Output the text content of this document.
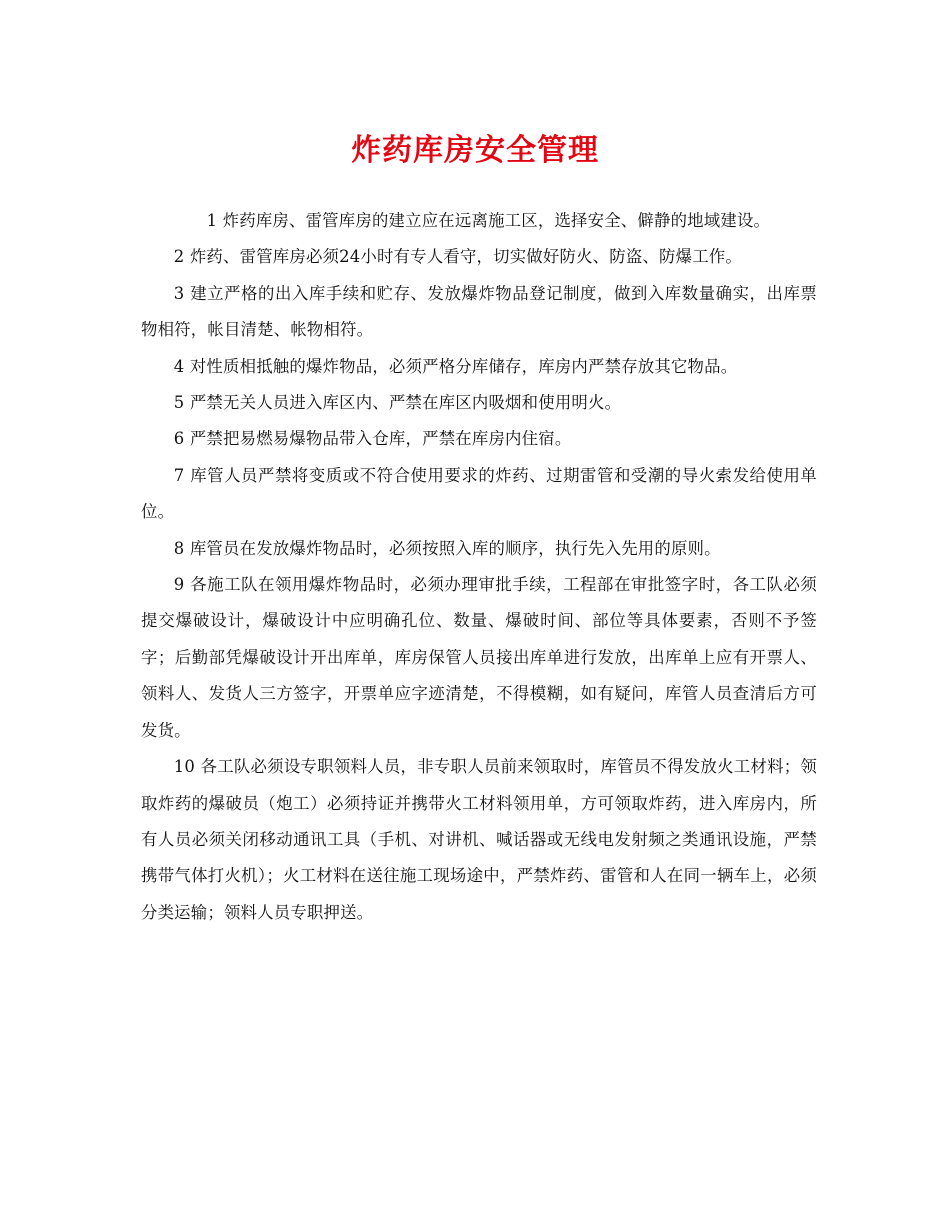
炸药库房安全管理

1 炸药库房、雷管库房的建立应在远离施工区，选择安全、僻静的地域建设。

2 炸药、雷管库房必须24小时有专人看守，切实做好防火、防盗、防爆工作。

3 建立严格的出入库手续和贮存、发放爆炸物品登记制度，做到入库数量确实，出库票物相符，帐目清楚、帐物相符。

4 对性质相抵触的爆炸物品，必须严格分库储存，库房内严禁存放其它物品。

5 严禁无关人员进入库区内、严禁在库区内吸烟和使用明火。

6 严禁把易燃易爆物品带入仓库，严禁在库房内住宿。

7 库管人员严禁将变质或不符合使用要求的炸药、过期雷管和受潮的导火索发给使用单位。

8 库管员在发放爆炸物品时，必须按照入库的顺序，执行先入先用的原则。

9 各施工队在领用爆炸物品时，必须办理审批手续，工程部在审批签字时，各工队必须提交爆破设计，爆破设计中应明确孔位、数量、爆破时间、部位等具体要素，否则不予签字；后勤部凭爆破设计开出库单，库房保管人员接出库单进行发放，出库单上应有开票人、领料人、发货人三方签字，开票单应字迹清楚，不得模糊，如有疑问，库管人员查清后方可发货。

10 各工队必须设专职领料人员，非专职人员前来领取时，库管员不得发放火工材料；领取炸药的爆破员（炮工）必须持证并携带火工材料领用单，方可领取炸药，进入库房内，所有人员必须关闭移动通讯工具（手机、对讲机、喊话器或无线电发射频之类通讯设施，严禁携带气体打火机）；火工材料在送往施工现场途中，严禁炸药、雷管和人在同一辆车上，必须分类运输；领料人员专职押送。
